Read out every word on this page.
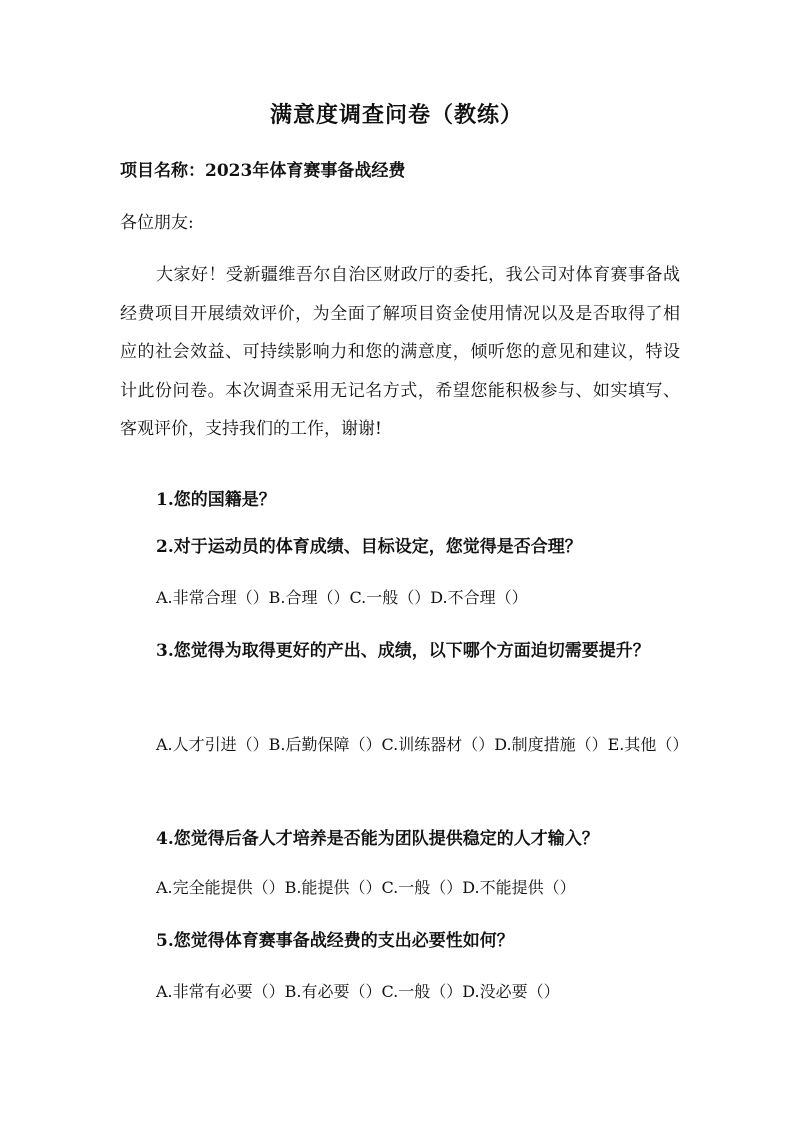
满意度调查问卷（教练）

项目名称：2023年体育赛事备战经费

各位朋友:

大家好！受新疆维吾尔自治区财政厅的委托，我公司对体育赛事备战经费项目开展绩效评价，为全面了解项目资金使用情况以及是否取得了相应的社会效益、可持续影响力和您的满意度，倾听您的意见和建议，特设计此份问卷。本次调查采用无记名方式，希望您能积极参与、如实填写、客观评价，支持我们的工作，谢谢!

1.您的国籍是？

2.对于运动员的体育成绩、目标设定，您觉得是否合理？

A.非常合理（）B.合理（）C.一般（）D.不合理（）

3.您觉得为取得更好的产出、成绩，以下哪个方面迫切需要提升？

A.人才引进（）B.后勤保障（）C.训练器材（）D.制度措施（）E.其他（）

4.您觉得后备人才培养是否能为团队提供稳定的人才输入？

A.完全能提供（）B.能提供（）C.一般（）D.不能提供（）

5.您觉得体育赛事备战经费的支出必要性如何？

A.非常有必要（）B.有必要（）C.一般（）D.没必要（）
